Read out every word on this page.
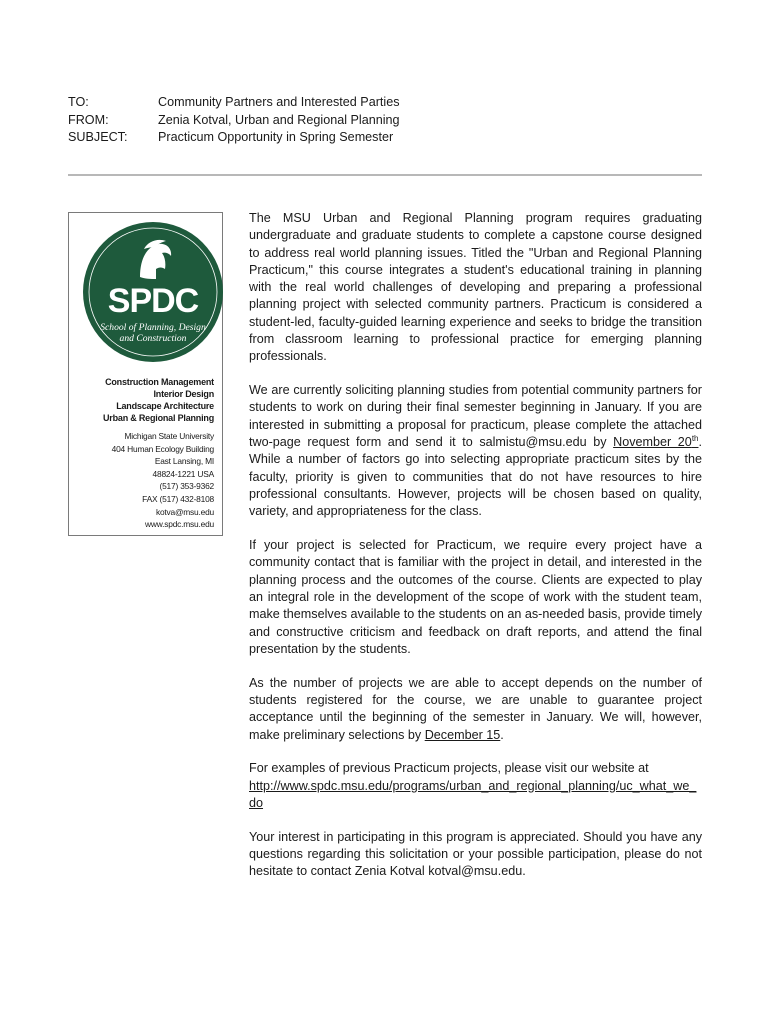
TO:	Community Partners and Interested Parties
FROM:	Zenia Kotval, Urban and Regional Planning
SUBJECT:	Practicum Opportunity in Spring Semester
SPDC
School of Planning, Design
and Construction
Construction Management
Interior Design
Landscape Architecture
Urban & Regional Planning
Michigan State University
404 Human Ecology Building
East Lansing, MI
48824-1221 USA
(517) 353-9362
FAX (517) 432-8108
kotva@msu.edu
www.spdc.msu.edu

The MSU Urban and Regional Planning program requires graduating undergraduate and graduate students to complete a capstone course designed to address real world planning issues. Titled the "Urban and Regional Planning Practicum," this course integrates a student's educational training in planning with the real world challenges of developing and preparing a professional planning project with selected community partners. Practicum is considered a student-led, faculty-guided learning experience and seeks to bridge the transition from classroom learning to professional practice for emerging planning professionals.

We are currently soliciting planning studies from potential community partners for students to work on during their final semester beginning in January. If you are interested in submitting a proposal for practicum, please complete the attached two-page request form and send it to salmistu@msu.edu by November 20th. While a number of factors go into selecting appropriate practicum sites by the faculty, priority is given to communities that do not have resources to hire professional consultants. However, projects will be chosen based on quality, variety, and appropriateness for the class.

If your project is selected for Practicum, we require every project have a community contact that is familiar with the project in detail, and interested in the planning process and the outcomes of the course. Clients are expected to play an integral role in the development of the scope of work with the student team, make themselves available to the students on an as-needed basis, provide timely and constructive criticism and feedback on draft reports, and attend the final presentation by the students.

As the number of projects we are able to accept depends on the number of students registered for the course, we are unable to guarantee project acceptance until the beginning of the semester in January. We will, however, make preliminary selections by December 15.

For examples of previous Practicum projects, please visit our website at
http://www.spdc.msu.edu/programs/urban_and_regional_planning/uc_what_we_do

Your interest in participating in this program is appreciated. Should you have any questions regarding this solicitation or your possible participation, please do not hesitate to contact Zenia Kotval kotval@msu.edu.
